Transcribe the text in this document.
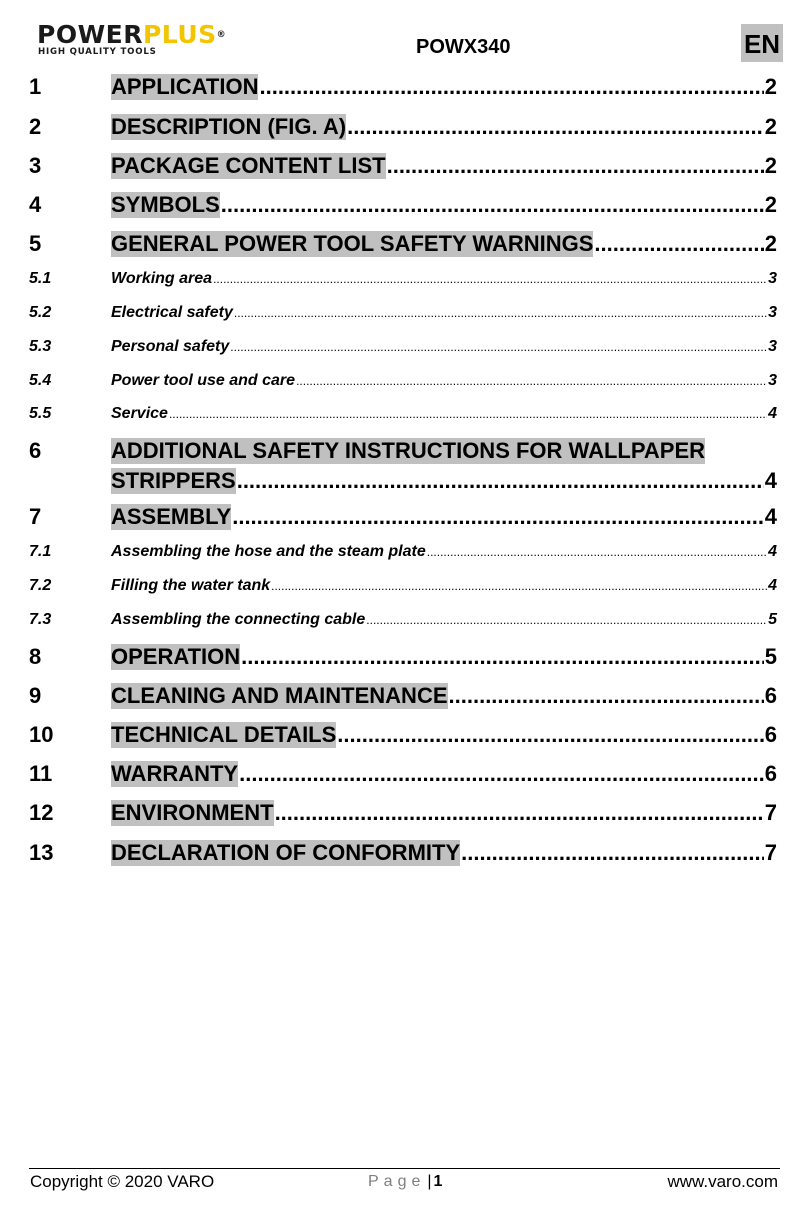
POWERPLUS®
HIGH QUALITY TOOLS	POWX340	EN
1	APPLICATION .....	2
2	DESCRIPTION (FIG. A) .....	2
3	PACKAGE CONTENT LIST .....	2
4	SYMBOLS .....	2
5	GENERAL POWER TOOL SAFETY WARNINGS .....	2
5.1	Working area .....	3
5.2	Electrical safety .....	3
5.3	Personal safety .....	3
5.4	Power tool use and care .....	3
5.5	Service .....	4
6	ADDITIONAL SAFETY INSTRUCTIONS FOR WALLPAPER
STRIPPERS .....	4
7	ASSEMBLY .....	4
7.1	Assembling the hose and the steam plate .....	4
7.2	Filling the water tank .....	4
7.3	Assembling the connecting cable .....	5
8	OPERATION .....	5
9	CLEANING AND MAINTENANCE .....	6
10	TECHNICAL DETAILS .....	6
11	WARRANTY .....	6
12	ENVIRONMENT .....	7
13	DECLARATION OF CONFORMITY .....	7
Copyright © 2020 VARO	Page | 1	www.varo.com
